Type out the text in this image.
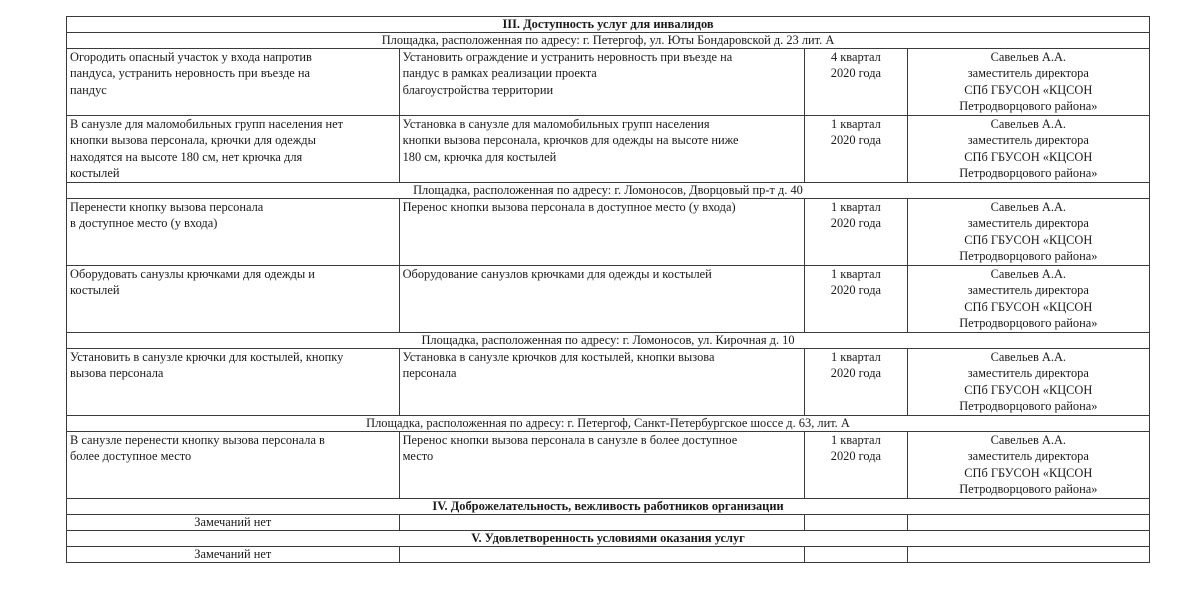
III. Доступность услуг для инвалидов			
Площадка, расположенная по адресу: г. Петергоф, ул. Юты Бондаровской д. 23 лит. А			

Огородить опасный участок у входа напротив
пандуса, устранить неровность при въезде на
пандус	Установить ограждение и устранить неровность при въезде на
пандус в рамках реализации проекта
благоустройства территории	4 квартал
2020 года	Савельев А.А.
заместитель директора
СПб ГБУСОН «КЦСОН
Петродворцового района»

В санузле для маломобильных групп населения нет
кнопки вызова персонала, крючки для одежды
находятся на высоте 180 см, нет крючка для
костылей	Установка в санузле для маломобильных групп населения
кнопки вызова персонала, крючков для одежды на высоте ниже
180 см, крючка для костылей	1 квартал
2020 года	Савельев А.А.
заместитель директора
СПб ГБУСОН «КЦСОН
Петродворцового района»

Площадка, расположенная по адресу: г. Ломоносов, Дворцовый пр-т д. 40			

Перенести кнопку вызова персонала
в доступное место (у входа)	Перенос кнопки вызова персонала в доступное место (у входа)	1 квартал
2020 года	Савельев А.А.
заместитель директора
СПб ГБУСОН «КЦСОН
Петродворцового района»

Оборудовать санузлы крючками для одежды и
костылей	Оборудование санузлов крючками для одежды и костылей	1 квартал
2020 года	Савельев А.А.
заместитель директора
СПб ГБУСОН «КЦСОН
Петродворцового района»

Площадка, расположенная по адресу: г. Ломоносов, ул. Кирочная д. 10			

Установить в санузле крючки для костылей, кнопку
вызова персонала	Установка в санузле крючков для костылей, кнопки вызова
персонала	1 квартал
2020 года	Савельев А.А.
заместитель директора
СПб ГБУСОН «КЦСОН
Петродворцового района»

Площадка, расположенная по адресу: г. Петергоф, Санкт-Петербургское шоссе д. 63, лит. А			

В санузле перенести кнопку вызова персонала в
более доступное место	Перенос кнопки вызова персонала в санузле в более доступное
место	1 квартал
2020 года	Савельев А.А.
заместитель директора
СПб ГБУСОН «КЦСОН
Петродворцового района»

IV. Доброжелательность, вежливость работников организации			
Замечаний нет			
V. Удовлетворенность условиями оказания услуг			
Замечаний нет			
